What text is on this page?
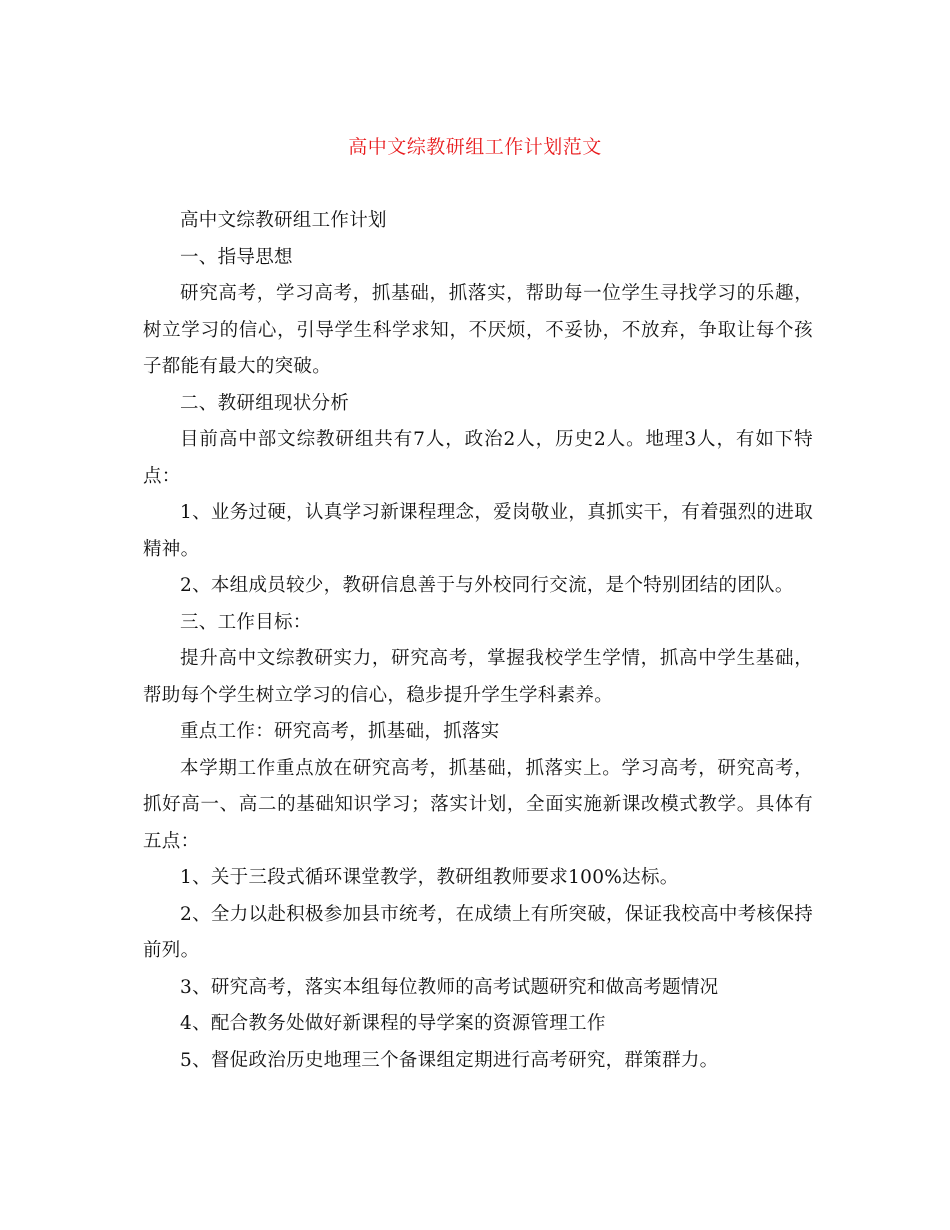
高中文综教研组工作计划范文

高中文综教研组工作计划

一、指导思想

研究高考，学习高考，抓基础，抓落实，帮助每一位学生寻找学习的乐趣，树立学习的信心，引导学生科学求知，不厌烦，不妥协，不放弃，争取让每个孩子都能有最大的突破。

二、教研组现状分析

目前高中部文综教研组共有7人，政治2人，历史2人。地理3人，有如下特点：

1、业务过硬，认真学习新课程理念，爱岗敬业，真抓实干，有着强烈的进取精神。

2、本组成员较少，教研信息善于与外校同行交流，是个特别团结的团队。

三、工作目标：

提升高中文综教研实力，研究高考，掌握我校学生学情，抓高中学生基础，帮助每个学生树立学习的信心，稳步提升学生学科素养。

重点工作：研究高考，抓基础，抓落实

本学期工作重点放在研究高考，抓基础，抓落实上。学习高考，研究高考，抓好高一、高二的基础知识学习；落实计划，全面实施新课改模式教学。具体有五点：

1、关于三段式循环课堂教学，教研组教师要求100%达标。

2、全力以赴积极参加县市统考，在成绩上有所突破，保证我校高中考核保持前列。

3、研究高考，落实本组每位教师的高考试题研究和做高考题情况

4、配合教务处做好新课程的导学案的资源管理工作

5、督促政治历史地理三个备课组定期进行高考研究，群策群力。
